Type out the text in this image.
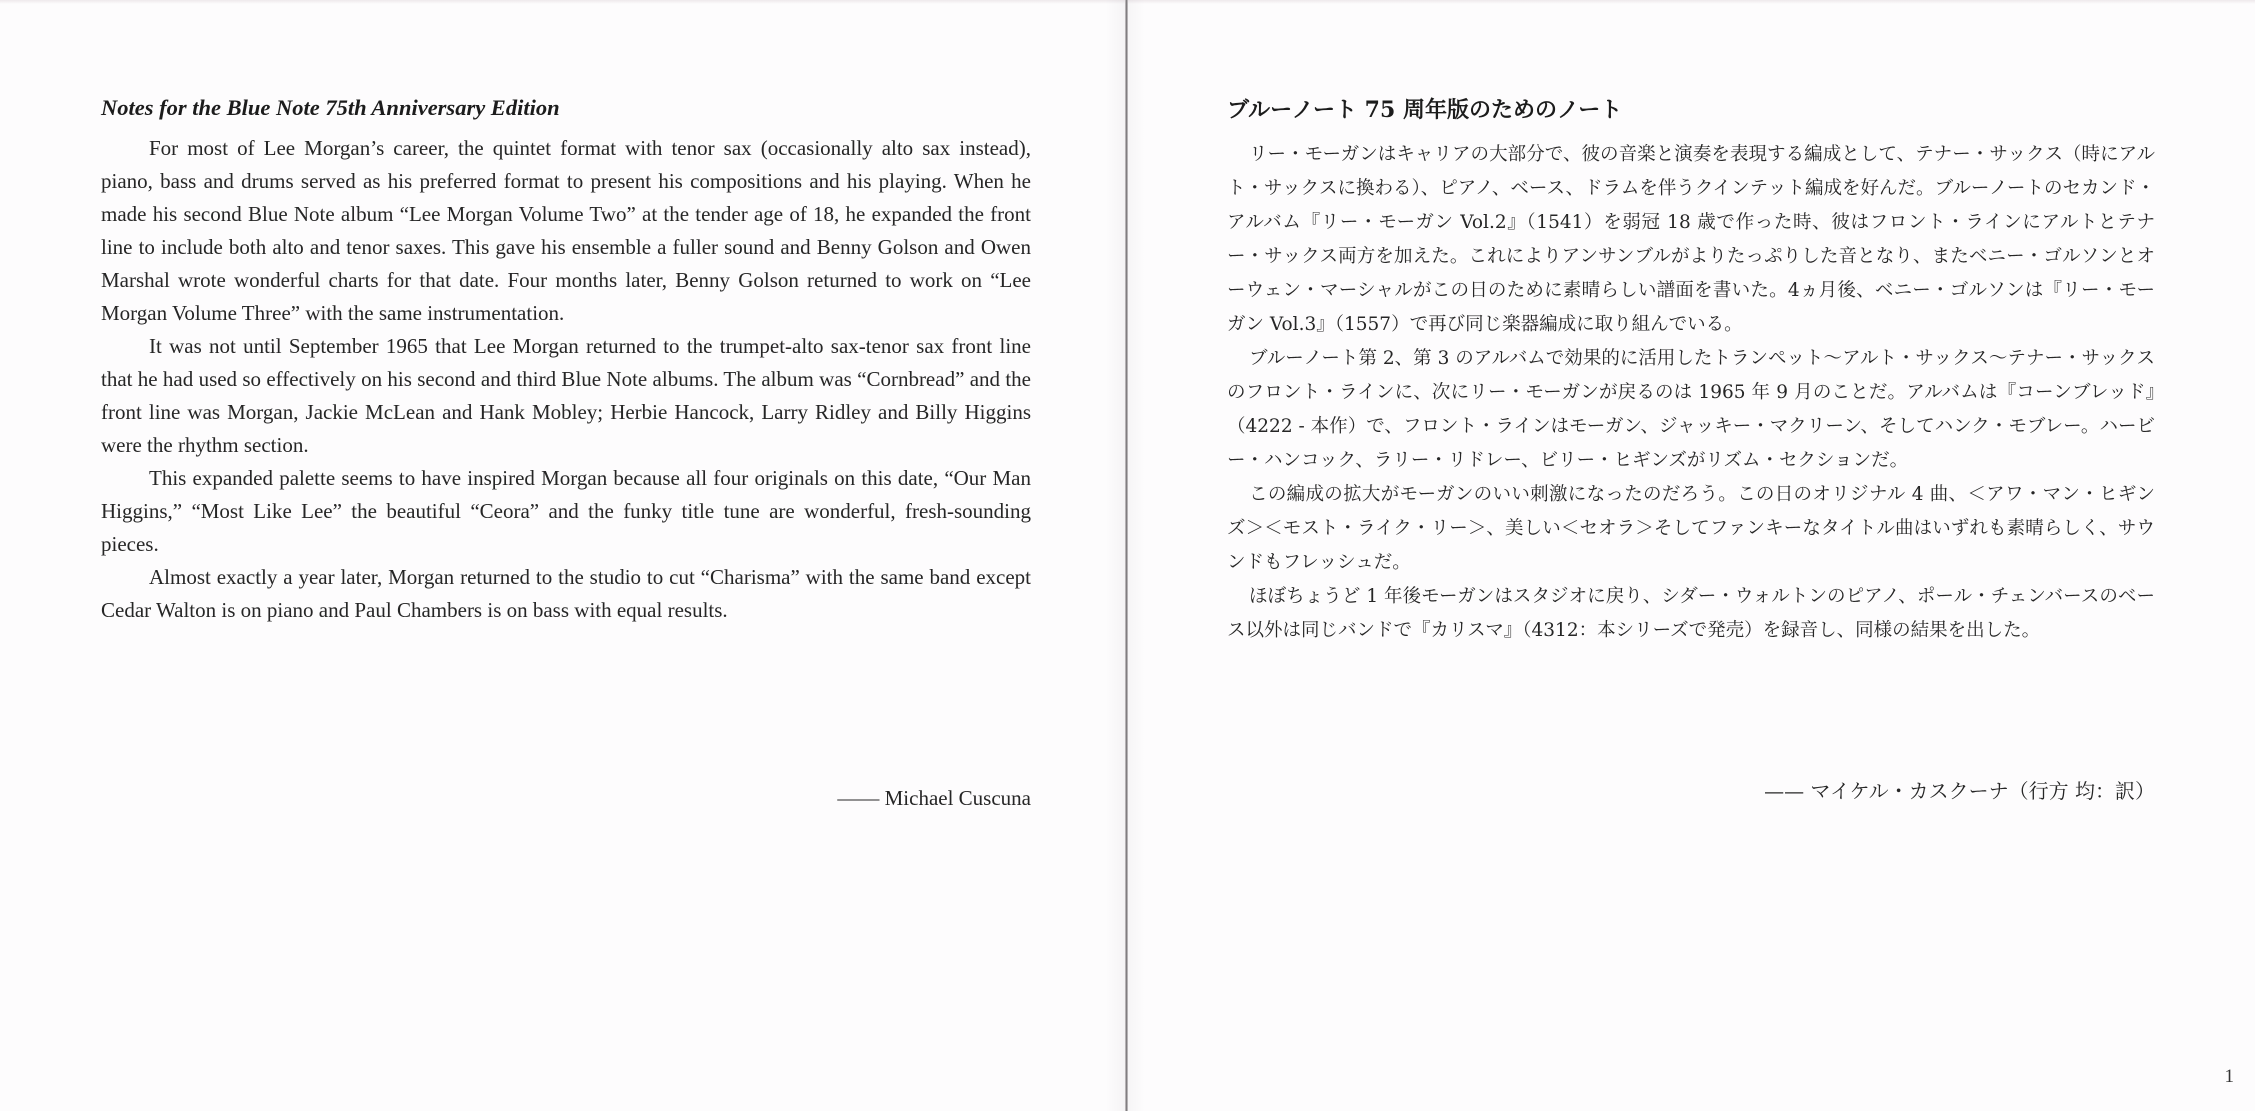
Notes for the Blue Note 75th Anniversary Edition

For most of Lee Morgan’s career, the quintet format with tenor sax (occasionally alto sax instead), piano, bass and drums served as his preferred format to present his compositions and his playing. When he made his second Blue Note album “Lee Morgan Volume Two” at the tender age of 18, he expanded the front line to include both alto and tenor saxes. This gave his ensemble a fuller sound and Benny Golson and Owen Marshal wrote wonderful charts for that date. Four months later, Benny Golson returned to work on “Lee Morgan Volume Three” with the same instrumentation.

It was not until September 1965 that Lee Morgan returned to the trumpet-alto sax-tenor sax front line that he had used so effectively on his second and third Blue Note albums. The album was “Cornbread” and the front line was Morgan, Jackie McLean and Hank Mobley; Herbie Hancock, Larry Ridley and Billy Higgins were the rhythm section.

This expanded palette seems to have inspired Morgan because all four originals on this date, “Our Man Higgins,” “Most Like Lee” the beautiful “Ceora” and the funky title tune are wonderful, fresh-sounding pieces.

Almost exactly a year later, Morgan returned to the studio to cut “Charisma” with the same band except Cedar Walton is on piano and Paul Chambers is on bass with equal results.

—— Michael Cuscuna
ブルーノート 75 周年版のためのノート

リー・モーガンはキャリアの大部分で、彼の音楽と演奏を表現する編成として、テナー・サックス（時にアルト・サックスに換わる）、ピアノ、ベース、ドラムを伴うクインテット編成を好んだ。ブルーノートのセカンド・アルバム『リー・モーガン Vol.2』（1541）を弱冠 18 歳で作った時、彼はフロント・ラインにアルトとテナー・サックス両方を加えた。これによりアンサンブルがよりたっぷりした音となり、またベニー・ゴルソンとオーウェン・マーシャルがこの日のために素晴らしい譜面を書いた。4ヵ月後、ベニー・ゴルソンは『リー・モーガン Vol.3』（1557）で再び同じ楽器編成に取り組んでいる。

ブルーノート第 2、第 3 のアルバムで効果的に活用したトランペット〜アルト・サックス〜テナー・サックスのフロント・ラインに、次にリー・モーガンが戻るのは 1965 年 9 月のことだ。アルバムは『コーンブレッド』（4222 - 本作）で、フロント・ラインはモーガン、ジャッキー・マクリーン、そしてハンク・モブレー。ハービー・ハンコック、ラリー・リドレー、ビリー・ヒギンズがリズム・セクションだ。

この編成の拡大がモーガンのいい刺激になったのだろう。この日のオリジナル 4 曲、＜アワ・マン・ヒギンズ＞＜モスト・ライク・リー＞、美しい＜セオラ＞そしてファンキーなタイトル曲はいずれも素晴らしく、サウンドもフレッシュだ。

ほぼちょうど 1 年後モーガンはスタジオに戻り、シダー・ウォルトンのピアノ、ポール・チェンバースのベース以外は同じバンドで『カリスマ』（4312：本シリーズで発売）を録音し、同様の結果を出した。

—— マイケル・カスクーナ（行方 均：訳）
1
